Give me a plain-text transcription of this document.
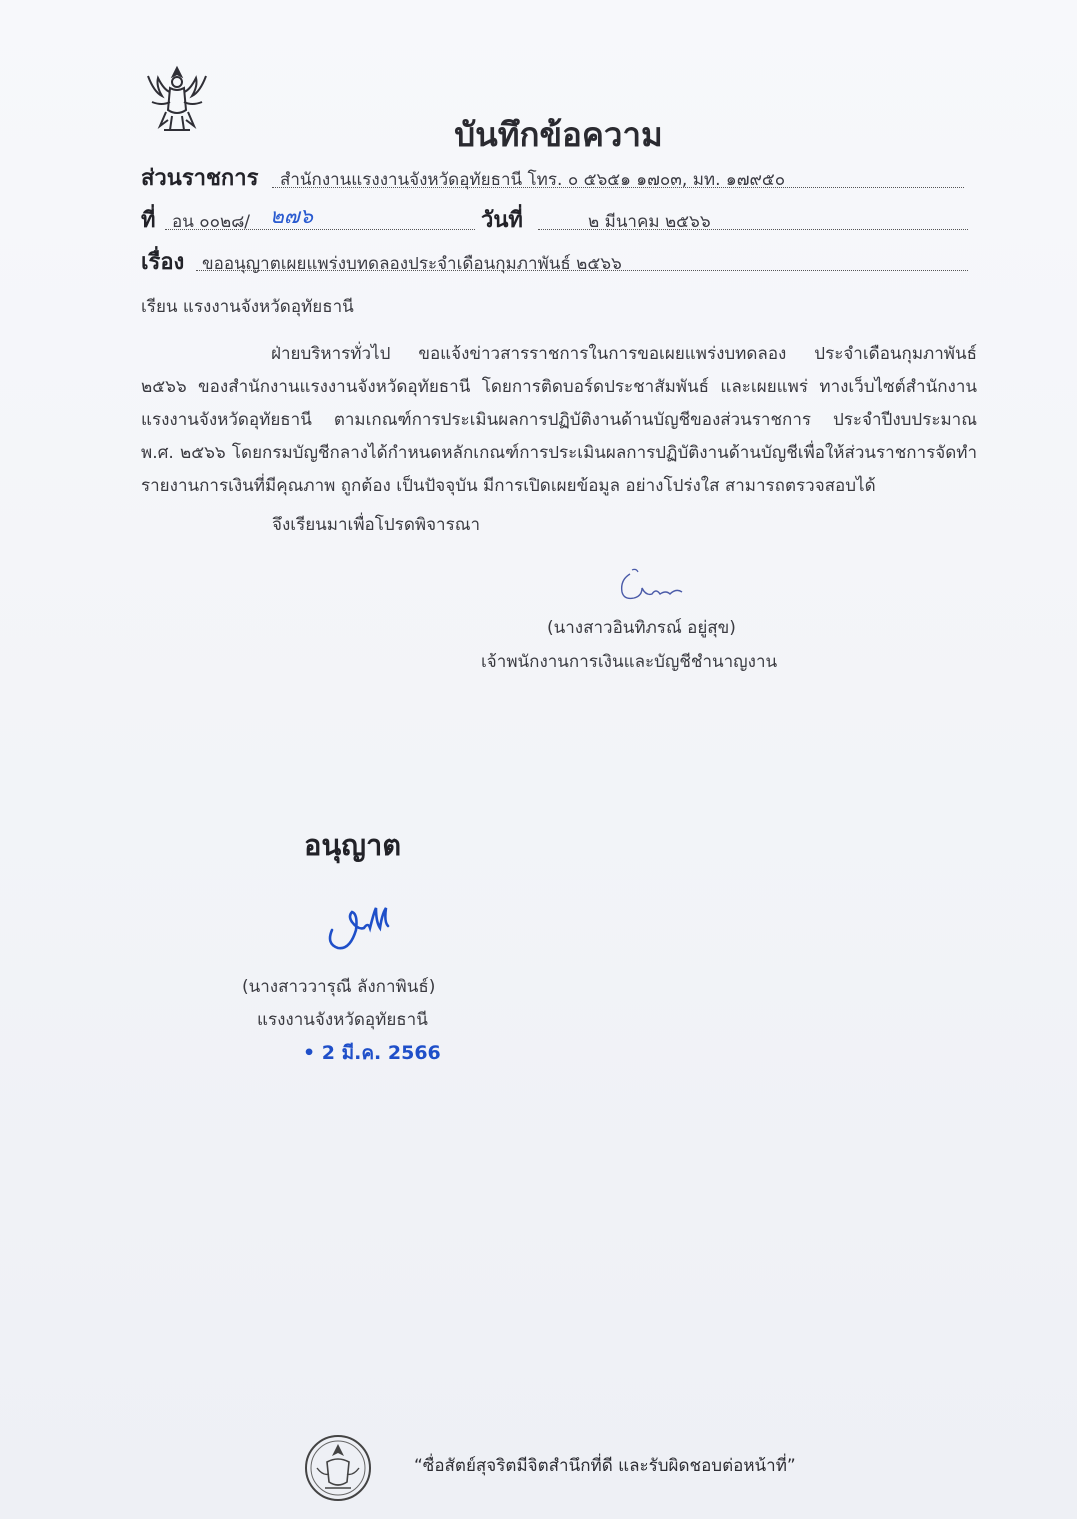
บันทึกข้อความ
ส่วนราชการ สำนักงานแรงงานจังหวัดอุทัยธานี โทร. ๐ ๕๖๕๑ ๑๗๐๓, มท. ๑๗๙๕๐
ที่ อน ๐๐๒๘/ ๒๗๖	วันที่	๒ มีนาคม ๒๕๖๖
เรื่อง ขออนุญาตเผยแพร่งบทดลองประจำเดือนกุมภาพันธ์ ๒๕๖๖
เรียน แรงงานจังหวัดอุทัยธานี
ฝ่ายบริหารทั่วไป ขอแจ้งข่าวสารราชการในการขอเผยแพร่งบทดลอง ประจำเดือนกุมภาพันธ์ ๒๕๖๖ ของสำนักงานแรงงานจังหวัดอุทัยธานี โดยการติดบอร์ดประชาสัมพันธ์ และเผยแพร่ ทางเว็บไซต์สำนักงานแรงงานจังหวัดอุทัยธานี ตามเกณฑ์การประเมินผลการปฏิบัติงานด้านบัญชีของส่วนราชการ ประจำปีงบประมาณ พ.ศ. ๒๕๖๖ โดยกรมบัญชีกลางได้กำหนดหลักเกณฑ์การประเมินผลการปฏิบัติงานด้านบัญชีเพื่อให้ส่วนราชการจัดทำรายงานการเงินที่มีคุณภาพ ถูกต้อง เป็นปัจจุบัน มีการเปิดเผยข้อมูล อย่างโปร่งใส สามารถตรวจสอบได้
จึงเรียนมาเพื่อโปรดพิจารณา
(นางสาวอินทิภรณ์ อยู่สุข)
เจ้าพนักงานการเงินและบัญชีชำนาญงาน
อนุญาต
(นางสาววารุณี ลังกาพินธ์)
แรงงานจังหวัดอุทัยธานี
• 2 มี.ค. 2566
“ซื่อสัตย์สุจริตมีจิตสำนึกที่ดี และรับผิดชอบต่อหน้าที่”
